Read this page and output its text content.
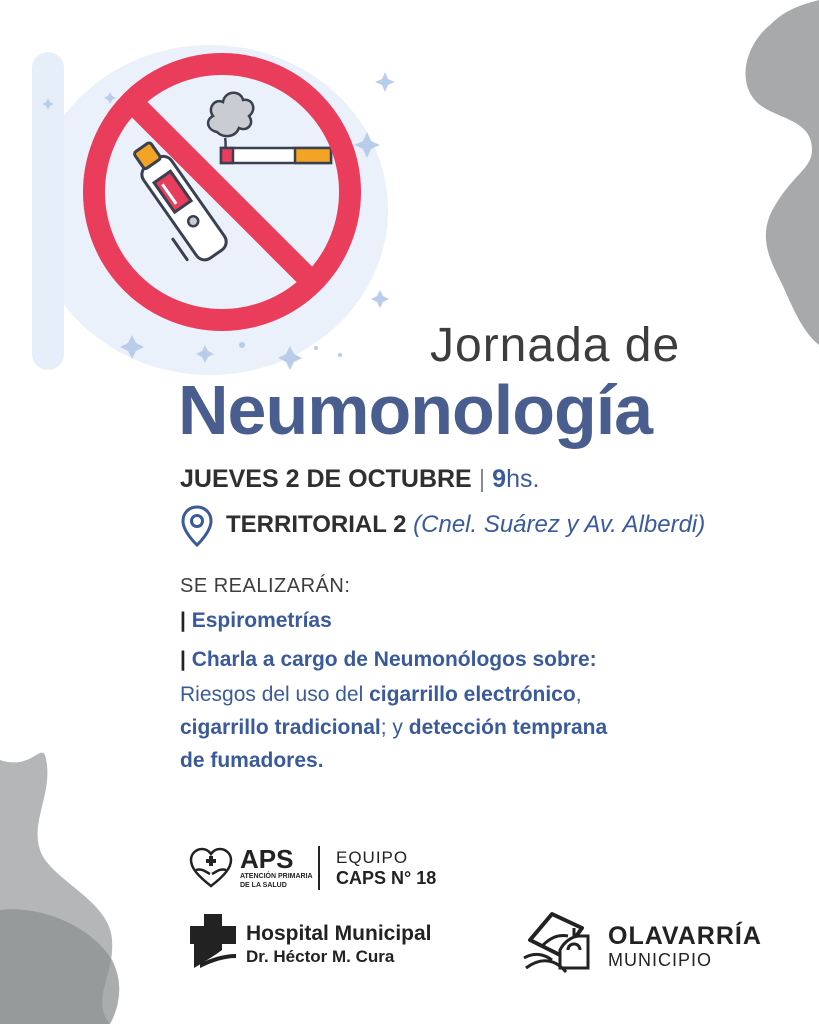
Jornada de
Neumonología
JUEVES 2 DE OCTUBRE | 9hs.
TERRITORIAL 2 (Cnel. Suárez y Av. Alberdi)
SE REALIZARÁN:
| Espirometrías
| Charla a cargo de Neumonólogos sobre:
Riesgos del uso del cigarrillo electrónico,
cigarrillo tradicional; y detección temprana
de fumadores.
APS
ATENCIÓN PRIMARIA
DE LA SALUD
EQUIPO
CAPS N° 18
Hospital Municipal
Dr. Héctor M. Cura
OLAVARRÍA
MUNICIPIO
